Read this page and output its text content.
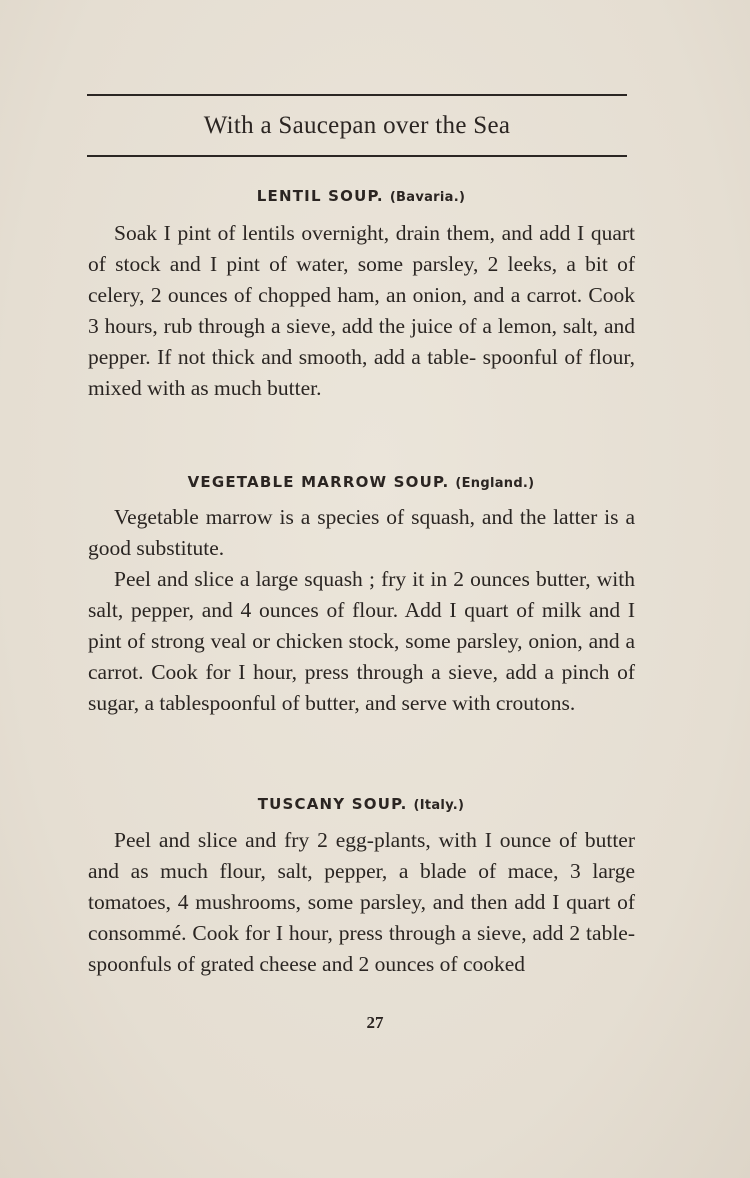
With a Saucepan over the Sea
LENTIL SOUP. (Bavaria.)

Soak I pint of lentils overnight, drain them, and add I quart of stock and I pint of water, some parsley, 2 leeks, a bit of celery, 2 ounces of chopped ham, an onion, and a carrot. Cook 3 hours, rub through a sieve, add the juice of a lemon, salt, and pepper. If not thick and smooth, add a table- spoonful of flour, mixed with as much butter.

VEGETABLE MARROW SOUP. (England.)

Vegetable marrow is a species of squash, and the latter is a good substitute.

Peel and slice a large squash ; fry it in 2 ounces butter, with salt, pepper, and 4 ounces of flour. Add I quart of milk and I pint of strong veal or chicken stock, some parsley, onion, and a carrot. Cook for I hour, press through a sieve, add a pinch of sugar, a tablespoonful of butter, and serve with croutons.

TUSCANY SOUP. (Italy.)

Peel and slice and fry 2 egg-plants, with I ounce of butter and as much flour, salt, pepper, a blade of mace, 3 large tomatoes, 4 mushrooms, some parsley, and then add I quart of consommé. Cook for I hour, press through a sieve, add 2 table- spoonfuls of grated cheese and 2 ounces of cooked

27
